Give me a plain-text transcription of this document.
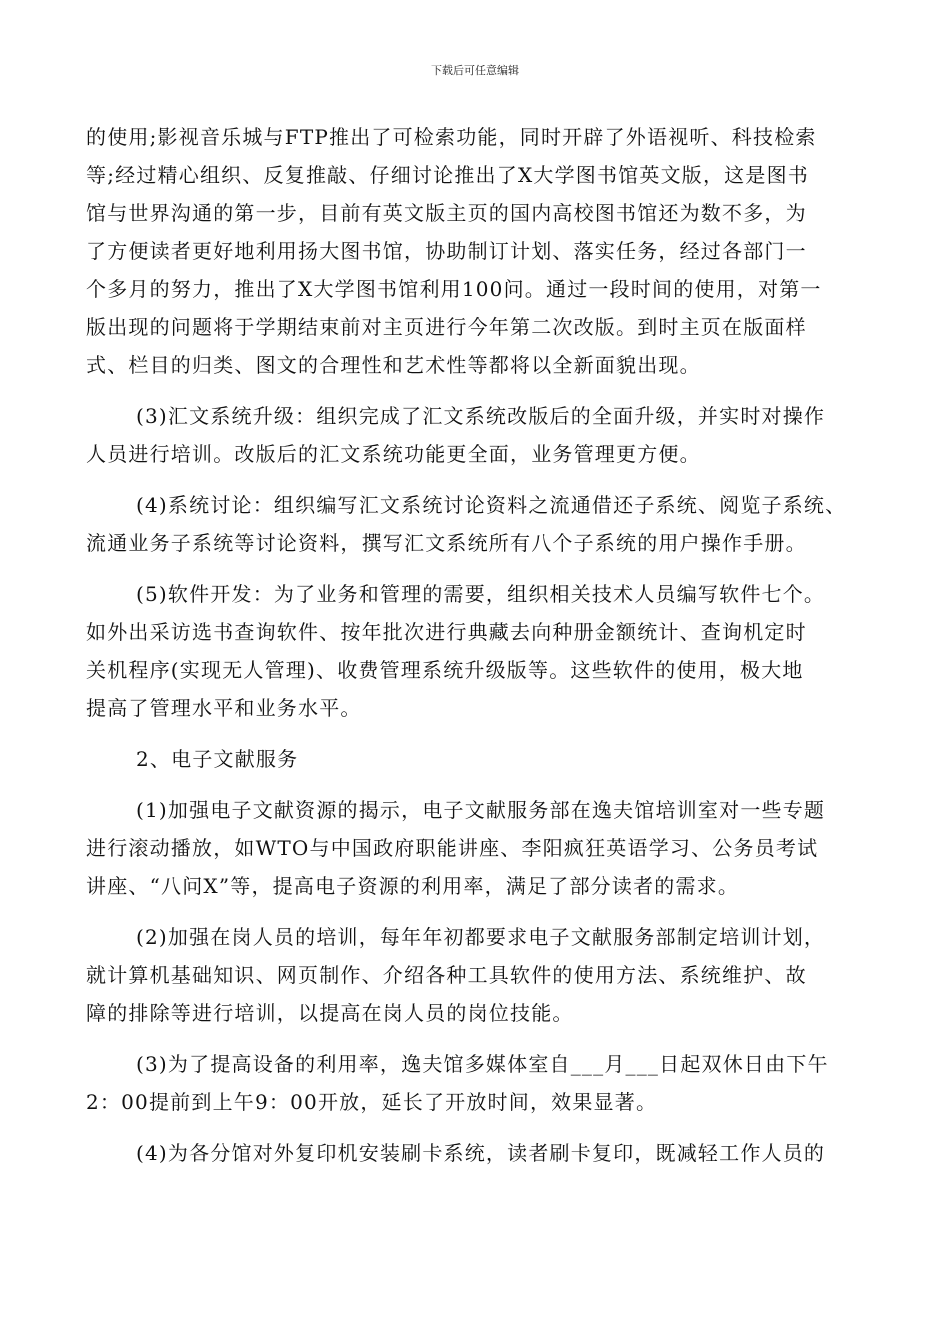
下载后可任意编辑
的使用;影视音乐城与FTP推出了可检索功能，同时开辟了外语视听、科技检索
等;经过精心组织、反复推敲、仔细讨论推出了X大学图书馆英文版，这是图书
馆与世界沟通的第一步，目前有英文版主页的国内高校图书馆还为数不多，为
了方便读者更好地利用扬大图书馆，协助制订计划、落实任务，经过各部门一
个多月的努力，推出了X大学图书馆利用100问。通过一段时间的使用，对第一
版出现的问题将于学期结束前对主页进行今年第二次改版。到时主页在版面样
式、栏目的归类、图文的合理性和艺术性等都将以全新面貌出现。
(3)汇文系统升级：组织完成了汇文系统改版后的全面升级，并实时对操作
人员进行培训。改版后的汇文系统功能更全面，业务管理更方便。
(4)系统讨论：组织编写汇文系统讨论资料之流通借还子系统、阅览子系统、
流通业务子系统等讨论资料，撰写汇文系统所有八个子系统的用户操作手册。
(5)软件开发：为了业务和管理的需要，组织相关技术人员编写软件七个。
如外出采访选书查询软件、按年批次进行典藏去向种册金额统计、查询机定时
关机程序(实现无人管理)、收费管理系统升级版等。这些软件的使用，极大地
提高了管理水平和业务水平。
2、电子文献服务
(1)加强电子文献资源的揭示，电子文献服务部在逸夫馆培训室对一些专题
进行滚动播放，如WTO与中国政府职能讲座、李阳疯狂英语学习、公务员考试
讲座、“八问X”等，提高电子资源的利用率，满足了部分读者的需求。
(2)加强在岗人员的培训，每年年初都要求电子文献服务部制定培训计划，
就计算机基础知识、网页制作、介绍各种工具软件的使用方法、系统维护、故
障的排除等进行培训，以提高在岗人员的岗位技能。
(3)为了提高设备的利用率，逸夫馆多媒体室自___月___日起双休日由下午
2：00提前到上午9：00开放，延长了开放时间，效果显著。
(4)为各分馆对外复印机安装刷卡系统，读者刷卡复印，既减轻工作人员的
